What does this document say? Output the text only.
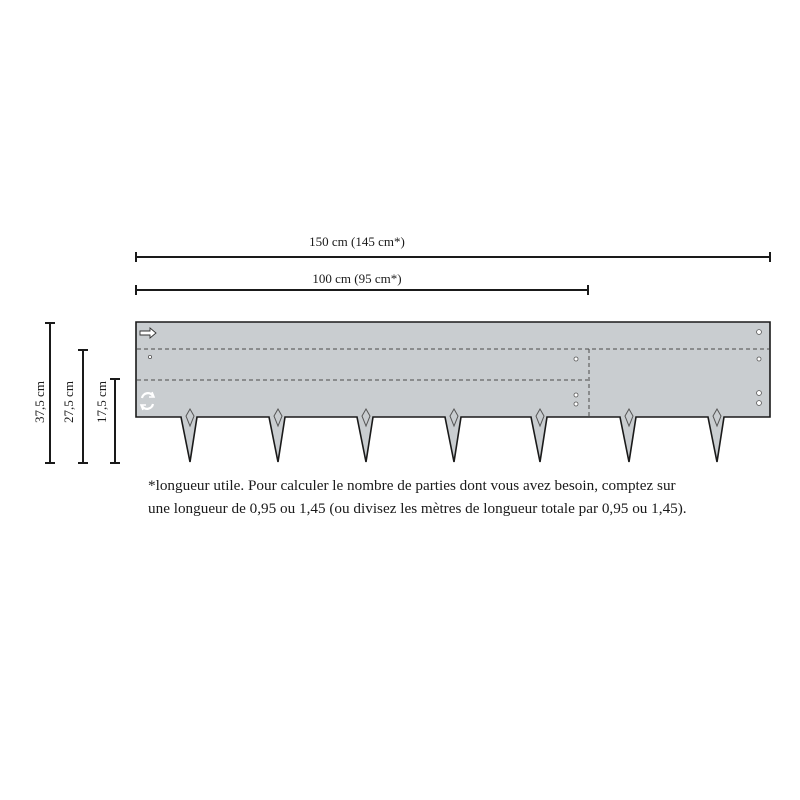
150 cm (145 cm*)
100 cm (95 cm*)
37,5 cm 27,5 cm 17,5 cm
*longueur utile. Pour calculer le nombre de parties dont vous avez besoin, comptez sur
une longueur de 0,95 ou 1,45 (ou divisez les mètres de longueur totale par 0,95 ou 1,45).
